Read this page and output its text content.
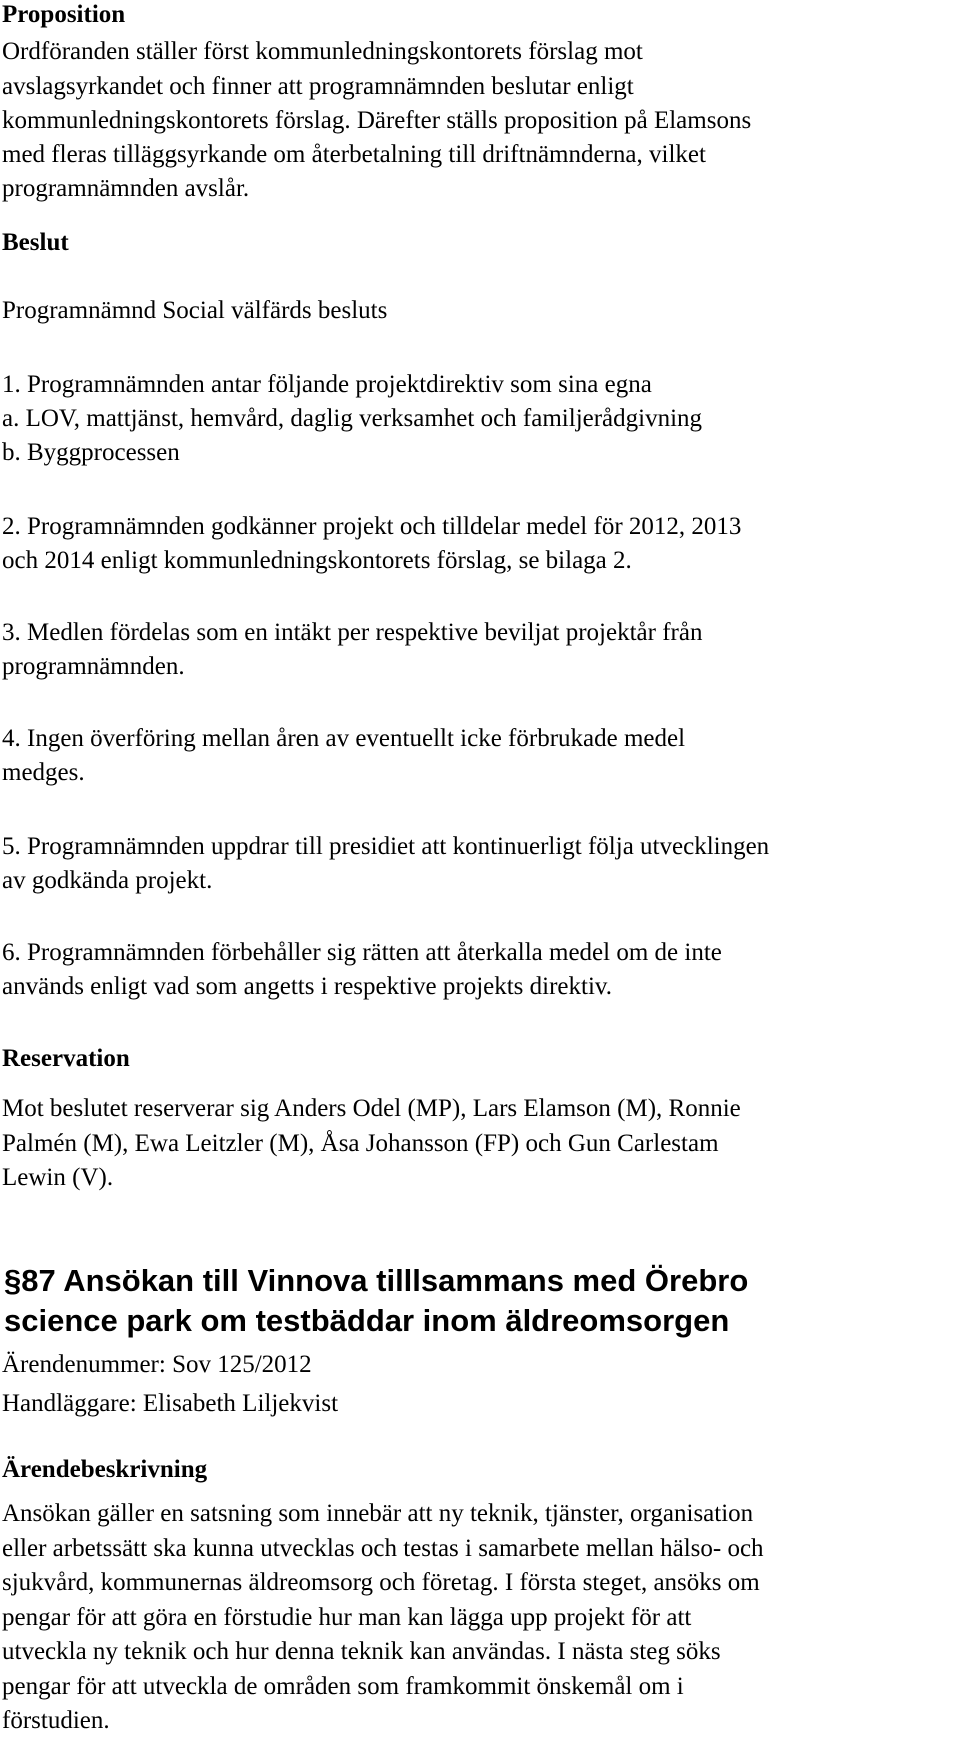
Proposition
Ordföranden ställer först kommunledningskontorets förslag mot
avslagsyrkandet och finner att programnämnden beslutar enligt
kommunledningskontorets förslag. Därefter ställs proposition på Elamsons
med fleras tilläggsyrkande om återbetalning till driftnämnderna, vilket
programnämnden avslår.
Beslut
Programnämnd Social välfärds besluts
1. Programnämnden antar följande projektdirektiv som sina egna
a. LOV, mattjänst, hemvård, daglig verksamhet och familjerådgivning
b. Byggprocessen
2. Programnämnden godkänner projekt och tilldelar medel för 2012, 2013
och 2014 enligt kommunledningskontorets förslag, se bilaga 2.
3. Medlen fördelas som en intäkt per respektive beviljat projektår från
programnämnden.
4. Ingen överföring mellan åren av eventuellt icke förbrukade medel
medges.
5. Programnämnden uppdrar till presidiet att kontinuerligt följa utvecklingen
av godkända projekt.
6. Programnämnden förbehåller sig rätten att återkalla medel om de inte
används enligt vad som angetts i respektive projekts direktiv.
Reservation
Mot beslutet reserverar sig Anders Odel (MP), Lars Elamson (M), Ronnie
Palmén (M), Ewa Leitzler (M), Åsa Johansson (FP) och Gun Carlestam
Lewin (V).
§87 Ansökan till Vinnova tilllsammans med Örebro
science park om testbäddar inom äldreomsorgen
Ärendenummer: Sov 125/2012
Handläggare: Elisabeth Liljekvist
Ärendebeskrivning
Ansökan gäller en satsning som innebär att ny teknik, tjänster, organisation
eller arbetssätt ska kunna utvecklas och testas i samarbete mellan hälso- och
sjukvård, kommunernas äldreomsorg och företag. I första steget, ansöks om
pengar för att göra en förstudie hur man kan lägga upp projekt för att
utveckla ny teknik och hur denna teknik kan användas. I nästa steg söks
pengar för att utveckla de områden som framkommit önskemål om i
förstudien.
